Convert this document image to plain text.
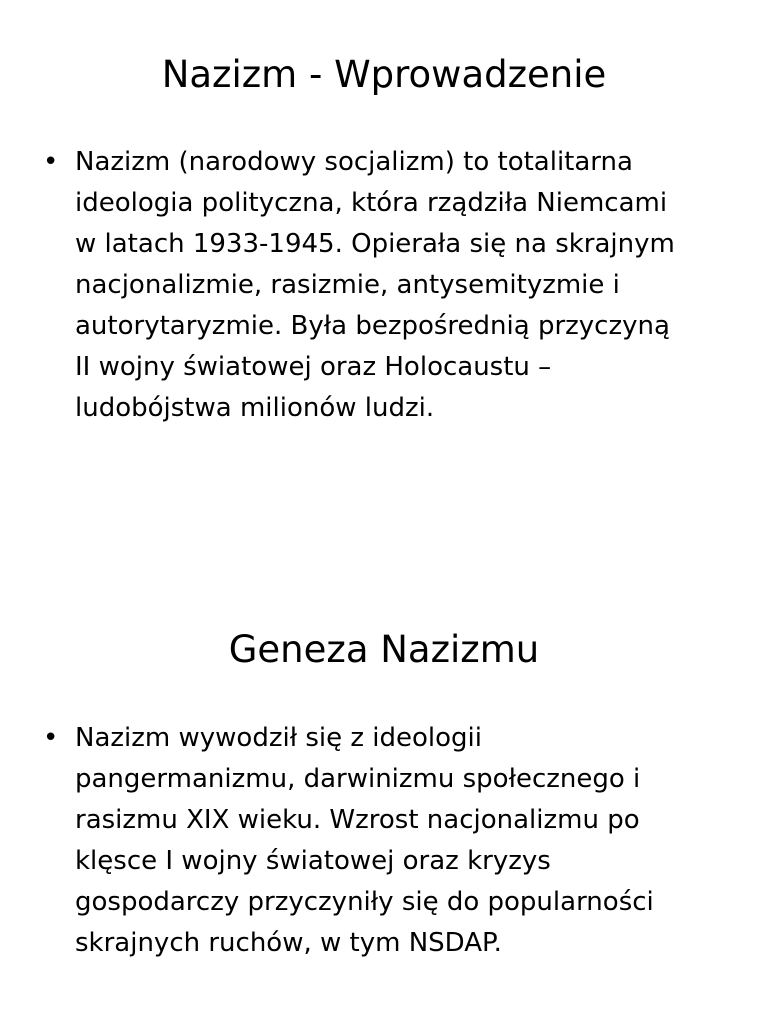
Nazizm - Wprowadzenie
• Nazizm (narodowy socjalizm) to totalitarna
ideologia polityczna, która rządziła Niemcami
w latach 1933-1945. Opierała się na skrajnym
nacjonalizmie, rasizmie, antysemityzmie i
autorytaryzmie. Była bezpośrednią przyczyną
II wojny światowej oraz Holocaustu –
ludobójstwa milionów ludzi.
Geneza Nazizmu
• Nazizm wywodził się z ideologii
pangermanizmu, darwinizmu społecznego i
rasizmu XIX wieku. Wzrost nacjonalizmu po
klęsce I wojny światowej oraz kryzys
gospodarczy przyczyniły się do popularności
skrajnych ruchów, w tym NSDAP.
